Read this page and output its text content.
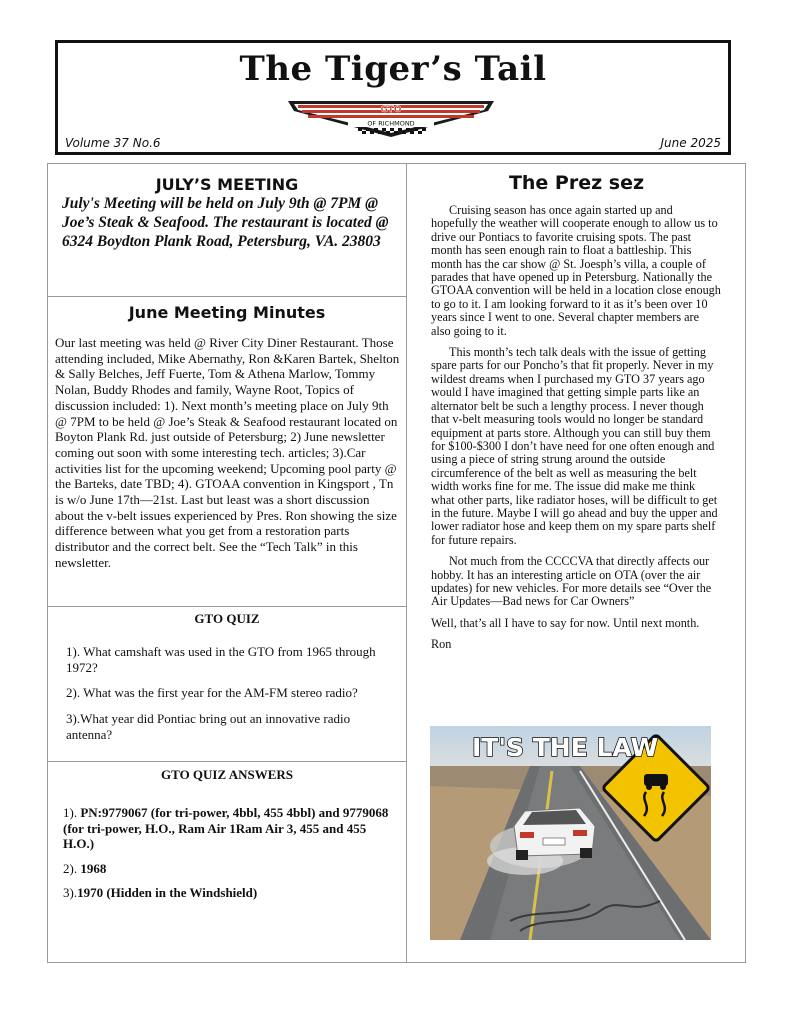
The Tiger’s Tail
GTO
OF RICHMOND
Volume 37 No.6	June 2025
JULY’S MEETING
July's Meeting will be held on July 9th @ 7PM @ Joe’s Steak & Seafood. The restaurant is located @ 6324 Boydton Plank Road, Petersburg, VA. 23803
June Meeting Minutes
Our last meeting was held @ River City Diner Restaurant. Those attending included, Mike Abernathy, Ron &Karen Bartek, Shelton & Sally Belches, Jeff Fuerte, Tom & Athena Marlow, Tommy Nolan, Buddy Rhodes and family, Wayne Root, Topics of discussion included: 1). Next month’s meeting place on July 9th @ 7PM to be held @ Joe’s Steak & Seafood restaurant located on Boyton Plank Rd. just outside of Petersburg; 2) June newsletter coming out soon with some interesting tech. articles; 3).Car activities list for the upcoming weekend; Upcoming pool party @ the Barteks, date TBD; 4). GTOAA convention in Kingsport , Tn is w/o June 17th—21st. Last but least was a short discussion about the v-belt issues experienced by Pres. Ron showing the size difference between what you get from a restoration parts distributor and the correct belt. See the “Tech Talk” in this newsletter.
GTO QUIZ
1). What camshaft was used in the GTO from 1965 through 1972?
2). What was the first year for the AM-FM stereo radio?
3).What year did Pontiac bring out an innovative radio antenna?
GTO QUIZ ANSWERS
1). PN:9779067 (for tri-power, 4bbl, 455 4bbl) and 9779068 (for tri-power, H.O., Ram Air 1Ram Air 3, 455 and 455 H.O.)
2). 1968
3).1970 (Hidden in the Windshield)
The Prez sez

Cruising season has once again started up and hopefully the weather will cooperate enough to allow us to drive our Pontiacs to favorite cruising spots. The past month has seen enough rain to float a battleship. This month has the car show @ St. Joesph’s villa, a couple of parades that have opened up in Petersburg. Nationally the GTOAA convention will be held in a location close enough to go to it. I am looking forward to it as it’s been over 10 years since I went to one. Several chapter members are also going to it.

This month’s tech talk deals with the issue of getting spare parts for our Poncho’s that fit properly. Never in my wildest dreams when I purchased my GTO 37 years ago would I have imagined that getting simple parts like an alternator belt be such a lengthy process. I never though that v-belt measuring tools would no longer be standard equipment at parts store. Although you can still buy them for $100-$300 I don’t have need for one often enough and using a piece of string strung around the outside circumference of the belt as well as measuring the belt width works fine for me. The issue did make me think what other parts, like radiator hoses, will be difficult to get in the future. Maybe I will go ahead and buy the upper and lower radiator hose and keep them on my spare parts shelf for future repairs.

Not much from the CCCCVA that directly affects our hobby. It has an interesting article on OTA (over the air updates) for new vehicles. For more details see “Over the Air Updates—Bad news for Car Owners”

Well, that’s all I have to say for now. Until next month.

Ron

IT'S THE LAW
